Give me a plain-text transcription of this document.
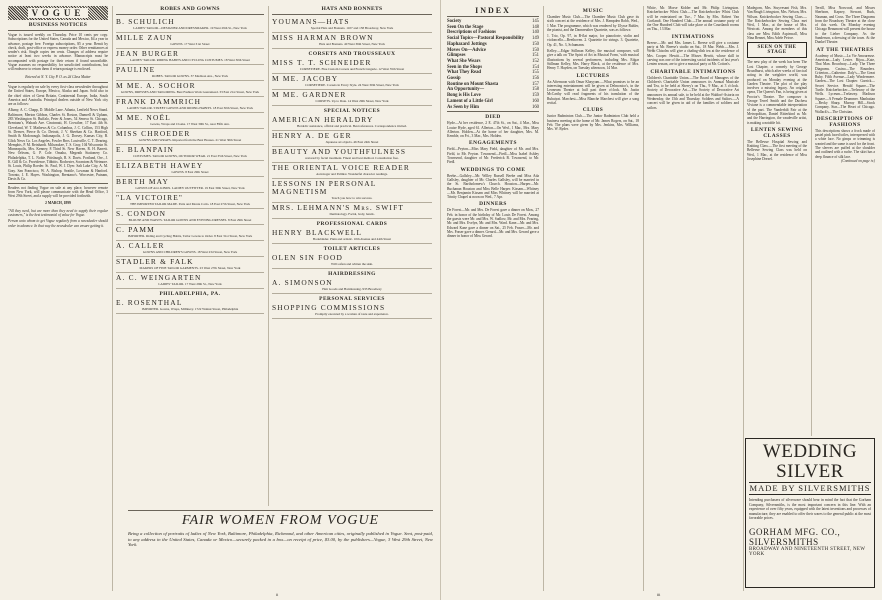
VOGUE
BUSINESS NOTICES
Vogue is issued weekly on Thursday. Price 10 cents per copy. Subscriptions for the United States, Canada and Mexico, $4 a year in advance, postage free. Foreign subscriptions, $5 a year. Remit by check, draft, post-office or express money order. Other remittances at sender's risk. Single copies ten cents. Changes of address require notice at least two weeks in advance. Manuscripts must be accompanied with postage for their return if found unavailable. Vogue assumes no responsibility for unsolicited contributions, but will endeavor to return them if return postage is enclosed.
Entered at N. Y. City P. O. as 2d Class Matter
Vogue is regularly on sale by every first-class newsdealer throughout the United States, Europe, Mexico, Alaska and Japan. Sold also in the chief cities of Great Britain, Continental Europe, India, South America and Australia. Principal dealers outside of New York city are as follows:
Albany, A. C. Chapp, D. Middle Lane. Atlanta, Lenfield News Stand. Baltimore, Merton Gibbon, Charles St. Boston, Damrell & Upham, 283 Washington St. Buffalo, Peter & Jones, 54 Seneca St. Chicago, Brentano's, Wabash Ave. Cincinnati, H. Crowther, 17 East 4th St. Cleveland, W. T. Mathews & Co. Columbus, J. C. Collins, 153 High St. Denver, Pierce & Co. Detroit, J. V. Sheehan & Co. Hartford, Smith & Mcdonough. Indianapolis, J. G. Dorsey. Kansas City, B. Glick News Co. Los Angeles, Fowler Bros. Louisville, C. T. Dearing. Memphis, P. M. Reinhardt. Milwaukee, T. S. Gray, 104 Wisconsin St. Minneapolis, Mrs. Kenney, 8 Third St. New Haven, R. H. Barrett. New Orleans, G. P. Cole. Omaha, Megeath Stationery Co. Philadelphia, T. L. Noble. Pittsburgh, R. S. Davis. Portland, Ore., J. K. Gill & Co. Providence, Tibbitts. Rochester, Scrantom & Wetmore. St. Louis, Philip Roeder. St. Paul, W. J. Dyer. Salt Lake City, A. M. Gray. San Francisco, W. A. Bishop. Seattle, Lowman & Hanford. Toronto, J. E. Hayes. Washington, Brentano's. Worcester, Putnam, Davis & Co.
Readers not finding Vogue on sale at any place, however remote from New York, will please communicate with the Head Office, 3 West 29th Street, and a supply will be provided forthwith.
2 MARCH, 1899
"All they need, but are more than they need to supply their regular customers," is the best testimonial of value for Vogue.
Person unto whom to get Vogue regularly from a newsdealer should order in advance. In that way the newsdealer can ensure getting it.
ROBES AND GOWNS
B. SCHULICH
LADIES' TAILOR—DESIGNER AND DRESSMAKER. 19 West 29th St., New York
MILLE ZAUN
GOWNS. 17 West 31st Street
JEAN BURGER
LADIES' TAILOR. RIDING HABITS AND CYCLING COSTUMES. 18 West 30th Street
PAULINE
ROBES. TAILOR GOWNS. 37 Madison Ave., New York
M ME. A. SOCHOR
GOWNS, DRESSES AND TAILORING. Best Fashion Work Guaranteed. 33 East 21st Street, New York
FRANK DAMMRICH
LADIES' TAILOR. STREET GOWNS AND RIDING HABITS. 18 East 30th Street, New York
M ME. NOËL
Gowns, Wraps and Cloaks. 17 West 30th St., near Fifth Ave.
MISS CHROEDER
GOWNS AND WRAPS. Imported from the Best Houses. 21 West 30th Street
E. BLANPAIN
COSTUMES. TAILOR GOWNS, OUTDOOR WEAR. 21 East 35th Street, New York
ELIZABETH HAWEY
GOWNS. 8 East 29th Street
BERTH MAY
GOWNS OF ALL KINDS. LADIES' OUTFITTER. 19 East 30th Street, New York
"LA VICTOIRE"
THE IMPORTED TAILOR MADE. Paris and Monte Carlo. 18 East 27th Street, New York
S. CONDON
BLOUSE AND WAISTS. TAILOR GOWNS AND EVENING DRESSES. 8 East 29th Street
C. PAMM
IMPORTER. Riding and Cycling Habits, Tailor Gowns to Order. 8 East 31st Street, New York
A. CALLER
GOWNS AND CHILDREN'S GOWNS. 18 West 23d Street, New York
STADLER & FALK
MAKERS OF FINE TAILOR GARMENTS. 23 West 27th Street, New York
A. C. WEINGARTEN
LADIES' TAILOR. 17 West 29th St., New York
PHILADELPHIA, PA.
E. ROSENTHAL
IMPORTER. Gowns, Wraps, Millinery. 1722 Walnut Street, Philadelphia
HATS AND BONNETS
YOUMANS—HATS
Special Hats and Bonnets. 1107 and 158 Broadway, New York
MISS HARMAN BROWN
Hats and Bonnets. 40 West 36th Street, New York
CORSETS AND TROUSSEAUX
MISS T. T. SCHNEIDER
CORSETIERE. Fine Custom Corsets and French Lingerie. 12 West 35th Street
M ME. JACOBY
CORSETIERE. Corsets in Every Style. 24 West 30th Street, New York
M ME. GARDNER
CORSETS. Up to Date. 14 West 29th Street, New York
SPECIAL NOTICES
AMERICAN HERALDRY
Heraldic assistance, official and practical. Best references. Correspondence invited.
HENRY A. DE GER
Japanese art objects. 46 East 24th Street
BEAUTY AND YOUTHFULNESS
restored by facial treatment. Finest and best method. Consultation free.
THE ORIENTAL VOICE READER
Astrologer and Palmist. Wonderful character readings.
LESSONS IN PERSONAL MAGNETISM
Teach you how to win success.
MRS. LEHMANN'S Mrs. SWIFT
Dermatology. Facial, body, hands.
PROFESSIONAL CARDS
HENRY BLACKWELL
Bookbinder. Plain and artistic. 10th Avenue and 44th Street
TOILET ARTICLES
OLEN SIN FOOD
Will soften and whiten the skin.
HAIRDRESSING
A. SIMONSON
Hair Goods and Hairdressing. 933 Broadway
PERSONAL SERVICES
SHOPPING COMMISSIONS
Promptly executed by a woman of taste and experience.
FAIR WOMEN FROM VOGUE
Being a collection of portraits of ladies of New York, Baltimore, Philadelphia, Richmond, and other American cities, originally published in Vogue. Sent, post-paid, to any address in the United States, Canada or Mexico—securely packed in a box—on receipt of price, $3.00, by the publishers—Vogue, 3 West 29th Street, New York.
ii
INDEX
Society	145
Seen On the Stage	148
Descriptions of Fashions	140
Social Topics—Pastoral Responsibility 149
Haphazard Jottings	150
Moves On—Advice	150
Glimpses	151
What She Wears	152
Seen in the Shops	154
What They Read	155
Gossip	156
Routine on Mount Shasta	157
An Opportunity—	158
Bong is His Love	159
Lament of a Little Girl	160
As Seen by Him	160
DIED
Hyde—At her residence, 2 E. 47th St., on Sat., 4 Mar., Miss Louise Hyde, aged 61. Allerton—On Wed., 1 Mar., Mrs. Mary Allerton. Holden—At the home of her daughter, Mrs. M. Kemble, on Fri., 3 Mar., Mrs. Holden.
ENGAGEMENTS
Field—Peyton—Miss Mary Field, daughter of Mr. and Mrs. Field, to Mr. Peyton. Townsend—Fiedl—Miss Isabel Ashley Townsend, daughter of Mr. Frederick B. Townsend, to Mr. Fiedl.
WEDDINGS TO COME
Beebe—Gallsley—Mr. Willey Russell Beebe and Miss Ada Gallsley, daughter of Mr. Charles Gallsley, will be married in the St. Bartholomew's Church. Houston—Harper—Mr. Buchanan Houston and Miss Belle Harper. Kissam—Whitney—Mr. Benjamin Kissam and Miss Whitney will be married at Trinity Chapel at noon on Wed., 7 Apr.
DINNERS
De Forest—Mr. and Mrs. De Forest gave a dinner on Mon., 27 Feb. in honor of the birthday of Mr. Louis De Forest. Among the guests were Mr. and Mrs. W. Sudlow, Mr. and Mrs. Fearing, Mr. and Mrs. Evelyn, Mr. and Mrs. Ward. Kane—Mr. and Mrs. Edward Kane gave a dinner on Sat., 25 Feb. Fraser—Mr. and Mrs. Fraser gave a dinner. Gerard—Mr. and Mrs. Gerard gave a dinner in honor of Miss Gerard.
MUSIC
Chamber Music Club.—The Chamber Music Club gave its sixth concert at the residence of Mrs. J. Hampden Robb, Wed., 1 Mar. The programme, which was rendered by Ulysse Buhler, the pianist, and the Dannreuther Quartette, was as follows:
1. Trio, Op. 97, in B-flat major, for pianoforte, violin and violoncello—Beethoven. 2. Quartette for strings. 3. Quartette, Op. 41, No. 3, Schumann.
Kelley.—Edgar Stillman Kelley, the musical composer, will give a talk on 'The Spirit of Art in Musical Form,' with musical illustrations by several performers, including Mrs. Edgar Stillman Kelley, Mrs. Harry Black, at the residence of Mrs. Henry T. Hayden, on Tuesday afternoon, 14 Mar.
LECTURES
An Afternoon with Omar Khayyam.—What promises to be an interesting entertainment will be given at Delmonico's, in the Leoneum Theatre at half past three o'clock. Mr. Justin McCarthy will read fragments of his translation of the Rubaiyat. Marchesi—Miss Blanche Marchesi will give a song recital.
CLUBS
Junior Badminton Club.—The Junior Badminton Club held a business meeting at the home of Mr. James Rogers, on Sat., 18 Feb. The plans were given by Mrs. Jenkins, Mrs. Williams, Mrs. W. Ryder.
White, Mr. Morse Kidder and Mr. Philip Livingston. Knickerbocker Whist Club.—The Knickerbocker Whist Club will be entertained on Tue., 7 Mar. by Mrs. Robert Van Cortlandt. One Hundred Club.—The annual costume party of the One Hundred Club will take place at the Courtlandt rooms on Thu., 13 Mar.
INTIMATIONS
Breese.—Mr. and Mrs. James L. Breese will give a costume party at Mr. Breese's studio on Sat., 18 Mar. Webb.—Mrs. J. Webb Chisolm will give a chafing-dish tea at the residence of Mrs. Cooper. Hewitt.—The Misses Hewitt, whose skill in carving was one of the interesting social incidents of last year's Lenten season, are to give a musical party at Mr. Cotton's.
CHARITABLE INTIMATIONS
Children's Charitable Union.—The Board of Managers of the Children's Charitable Union announces its Annual Musicale and Tea, to be held at Sherry's on Thu., 9 Mar., at 3 o'clock. Society of Decorative Art.—The Society of Decorative Art announces its annual sale, to be held at the Waldorf-Astoria on Wednesday, the 15th and Thursday. Soldiers and Sailors.—A concert will be given in aid of the families of soldiers and sailors.
Madegorn, Mrs. Stuyvesant Fish, Mrs. Van Brugh Livingston, Mrs. Nelson, Mrs. Wilson. Knickerbocker Sewing Class.—The Knickerbocker Sewing Class met Wed., 1 Mar., at the house of Mrs. Westcott. Among the members of this class are Miss Edith Aspinwall, Miss Nina Bennet, Miss Adele Peirce.
SEEN ON THE STAGE
The new play of the week has been The Lost Chapter, a comedy by George Broadhurst, which after weeks of farcical acting in the weightier world, was produced on Monday evening at the Garden Theatre. The plot of the play involves a missing legacy. An original opera, The Queen's Fan, is being given at Proctor's Theatre. The composer is George Terrel Smith and the Duchess Viviane is a commendable interpretation of the part. The Vanderbilt Fair at the Metropolitan, Daniel Ritterkind as Mr. and the Harrington, the vaudeville artist, is making a notable hit.
LENTEN SEWING CLASSES
The Bellevue Hospital Sewing and Knitting Class.—The first meeting of the Bellevue Sewing Class was held on Wed., 1 Mar., at the residence of Miss Josephine Drexel.
Terrill, Miss Norwood, and Misses Sherborn, Kapsey, Stewart, Burk, Nauman, and Cross. The Three Diagrams from the Broadway Theatre at the close of this week. On Monday evening Chicago Beaumont will present the house to the Lieber Company. As the Sanderson, a dressing of the town. At the Dunkel Theatre.
AT THE THEATRES
Academy of Music—La Vie Amoureuse. American—Lady Lester. Bijou—Kate, That Man. Broadway—Lady. The Three Diagrams. Casino—The Rounders. Criterion—Catherine. Daly's—The Great Ruby. Fifth Avenue—Lady Windermere. Garden—The Lost Chapter. Garrick—Secret Service. Herald Square—The Turtle. Knickerbocker—Trelawny of the Wells. Lyceum—Trelawny. Madison Square—A Female Drummer. Manhattan—Becky Sharp. Murray Hill—Stock Company. Star—The Heart of Chicago. Wallack's—The Christian.
DESCRIPTIONS OF FASHIONS
This descriptions shows a frock made of pastel pink faced toiles, interspersed with a white lace. No gimps or trimming is wanted and the same is used for the front. The sleeves are puffed at the shoulder and outlined with a ruche. The skirt has a deep flounce of silk lace.
(Continued on page iv.)
WEDDING SILVER
MADE BY SILVERSMITHS
Intending purchasers of silverware should bear in mind the fact that the Gorham Company, Silversmiths, is the most important concern in this line. With an experience of over fifty years, equipped with the latest inventions and processes of manufacture, they are enabled to offer their wares to the general public at the most favorable prices.
GORHAM MFG. CO., SILVERSMITHS
BROADWAY AND NINETEENTH STREET, NEW YORK
iii
